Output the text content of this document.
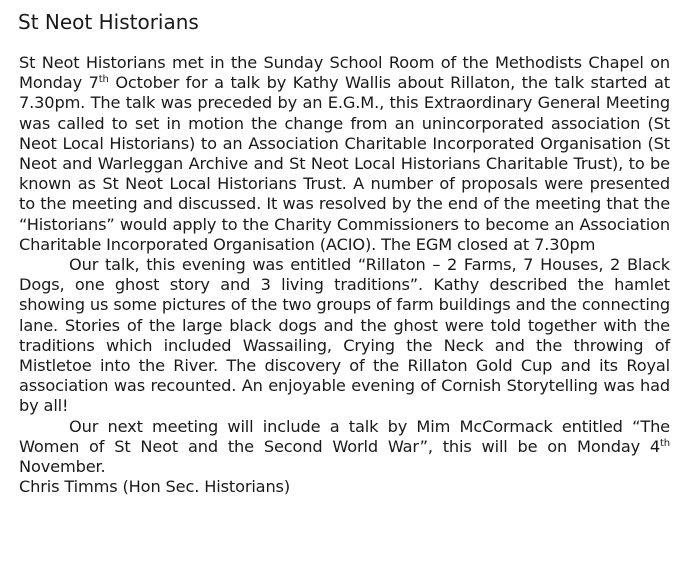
St Neot Historians

St Neot Historians met in the Sunday School Room of the Methodists Chapel on Monday 7th October for a talk by Kathy Wallis about Rillaton, the talk started at 7.30pm. The talk was preceded by an E.G.M., this Extraordinary General Meeting was called to set in motion the change from an unincorporated association (St Neot Local Historians) to an Association Charitable Incorporated Organisation (St Neot and Warleggan Archive and St Neot Local Historians Charitable Trust), to be known as St Neot Local Historians Trust. A number of proposals were presented to the meeting and discussed. It was resolved by the end of the meeting that the “Historians” would apply to the Charity Commissioners to become an Association Charitable Incorporated Organisation (ACIO). The EGM closed at 7.30pm

Our talk, this evening was entitled “Rillaton – 2 Farms, 7 Houses, 2 Black Dogs, one ghost story and 3 living traditions”. Kathy described the hamlet showing us some pictures of the two groups of farm buildings and the connecting lane. Stories of the large black dogs and the ghost were told together with the traditions which included Wassailing, Crying the Neck and the throwing of Mistletoe into the River. The discovery of the Rillaton Gold Cup and its Royal association was recounted. An enjoyable evening of Cornish Storytelling was had by all!

Our next meeting will include a talk by Mim McCormack entitled “The Women of St Neot and the Second World War”, this will be on Monday 4th November.

Chris Timms (Hon Sec. Historians)
